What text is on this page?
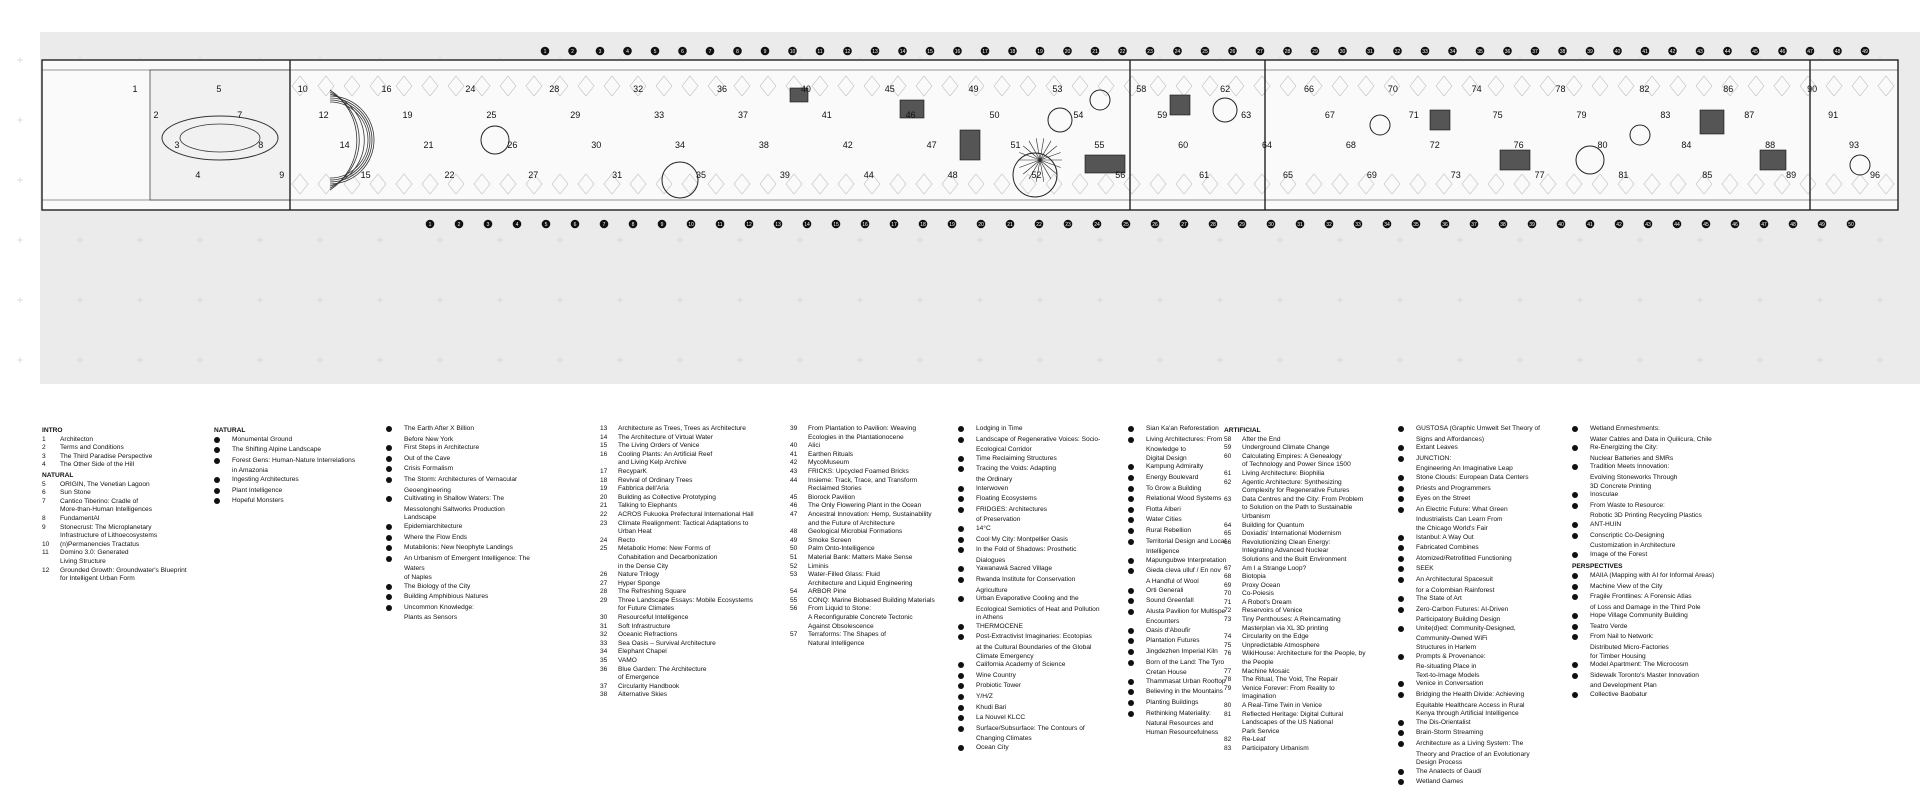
1
2
3
4
5
7
8
9
10
12
14
15
16
19
21
22
24
25
26
27
28
29
30
31
32
33
34
35
36
37
38
39
40
41
42
44
45
46
47
48
49
50
51
52
53
54
55
56
58
59
60
61
62
63
64
65
66
67
68
69
70
71
72
73
74
75
76
77
78
79
80
81
82
83
84
85
86
87
88
89
90
91
93
96
1	2	3	4	5	6	7	8	9	10	11	12	13	14	15	16	17	18	19	20	21	22	23	24	25	26	27	28	29	30	31	32	33	34	35	36	37	38	39	40	41	42	43	44	45	46	47	48	49
1	2	3	4	5	6	7	8	9	10	11	12	13	14	15	16	17	18	19	20	21	22	23	24	25	26	27	28	29	30	31	32	33	34	35	36	37	38	39	40	41	42	43	44	45	46	47	48	49	50
INTRO
1	Architecton
2	Terms and Conditions
3	The Third Paradise Perspective
4	The Other Side of the Hill
NATURAL
5	ORIGIN, The Venetian Lagoon
6	Sun Stone
7	Cantico Tiberino: Cradle of
More-than-Human Intelligences
8	FundamentAI
9	Stonecrust: The Microplanetary
Infrastructure of Lithoecosystems
10	(n)Permanencies Tractatus
11	Domino 3.0: Generated
Living Structure
12	Grounded Growth: Groundwater's Blueprint
for Intelligent Urban Form
NATURAL
Monumental Ground
The Shifting Alpine Landscape
Forest Gens: Human-Nature Interrelations
in Amazonia
Ingesting Architectures
Plant Intelligence
Hopeful Monsters
The Earth After X Billion
Before New York
First Steps in Architecture
Out of the Cave
Crisis Formalism
The Storm: Architectures of Vernacular
Geoengineering
Cultivating in Shallow Waters: The
Messolonghi Saltworks Production
Landscape
Epidemiarchitecture
Where the Flow Ends
Mutabilonis: New Neophyte Landings
An Urbanism of Emergent Intelligence: The
Waters
of Naples
The Biology of the City
Building Amphibious Natures
Uncommon Knowledge:
Plants as Sensors
13	Architecture as Trees, Trees as Architecture
14	The Architecture of Virtual Water
15	The Living Orders of Venice
16	Cooling Plants: An Artificial Reef
and Living Kelp Archive
17	RecyparK
18	Revival of Ordinary Trees
19	Fabbrica dell'Aria
20	Building as Collective Prototyping
21	Talking to Elephants
22	ACROS Fukuoka Prefectural International Hall
23	Climate Realignment: Tactical Adaptations to
Urban Heat
24	Recto
25	Metabolic Home: New Forms of
Cohabitation and Decarbonization
in the Dense City
26	Nature Trilogy
27	Hyper Sponge
28	The Refreshing Square
29	Three Landscape Essays: Mobile Ecosystems
for Future Climates
30	Resourceful Intelligence
31	Soft Infrastructure
32	Oceanic Refractions
33	Sea Oasis – Survival Architecture
34	Elephant Chapel
35	VAMO
36	Blue Garden: The Architecture
of Emergence
37	Circularity Handbook
38	Alternative Skies
39	From Plantation to Pavilion: Weaving
Ecologies in the Plantationocene
40	Alici
41	Earthen Rituals
42	MycoMuseum
43	FRICKS: Upcycled Foamed Bricks
44	Insieme: Track, Trace, and Transform
Reclaimed Stories
45	Biorock Pavilion
46	The Only Flowering Plant in the Ocean
47	Ancestral Innovation: Hemp, Sustainability
and the Future of Architecture
48	Geological Microbial Formations
49	Smoke Screen
50	Palm Onto-Intelligence
51	Material Bank: Matters Make Sense
52	Liminis
53	Water-Filled Glass: Fluid
Architecture and Liquid Engineering
54	ARBOR Pine
55	CONQ: Marine Biobased Building Materials
56	From Liquid to Stone:
A Reconfigurable Concrete Tectonic
Against Obsolescence
57	Terraforms: The Shapes of
Natural Intelligence
Lodging in Time
Landscape of Regenerative Voices: Socio-
Ecological Corridor
Time Reclaiming Structures
Tracing the Voids: Adapting
the Ordinary
Interwoven
Floating Ecosystems
FRIDGES: Architectures
of Preservation
14°C
Cool My City: Montpellier Oasis
In the Fold of Shadows: Prosthetic
Dialogues
Yawanawá Sacred Village
Rwanda Institute for Conservation
Agriculture
Urban Evaporative Cooling and the
Ecological Semiotics of Heat and Pollution
in Athens
THERMOCENE
Post-Extractivist Imaginaries: Ecotopias
at the Cultural Boundaries of the Global
Climate Emergency
California Academy of Science
Wine Country
Probiotic Tower
Y/H/Z
Khudi Bari
La Nouvel KLCC
Surface/Subsurface: The Contours of
Changing Climates
Ocean City
Sian Ka'an Reforestation
Living Architectures: From
Knowledge to
Digital Design
Kampung Admiralty
Energy Boulevard
To Grow a Building
Relational Wood Systems
Flotta Alberi
Water Cities
Rural Rebellion
Territorial Design and Local
Intelligence
Mapungubwe Interpretation
Gieda cleva ulluf / En nov
A Handful of Wool
Orti Generali
Sound Greenfall
Alusta Pavilion for Multispe
Encounters
Oasis d'Aboufir
Plantation Futures
Jingdezhen Imperial Kiln
Born of the Land: The Tyro
Cretan House
Thammasat Urban Rooftop
Believing in the Mountains
Planting Buildings
Rethinking Materiality:
Natural Resources and
Human Resourcefulness
ARTIFICIAL
58	After the End
59	Underground Climate Change
60	Calculating Empires: A Genealogy
of Technology and Power Since 1500
61	Living Architecture: Biophilia
62	Agentic Architecture: Synthesizing
Complexity for Regenerative Futures
63	Data Centres and the City: From Problem
to Solution on the Path to Sustainable
Urbanism
64	Building for Quantum
65	Doxiadis' International Modernism
66	Revolutionizing Clean Energy:
Integrating Advanced Nuclear
Solutions and the Built Environment
67	Am I a Strange Loop?
68	Biotopia
69	Proxy Ocean
70	Co-Poiesis
71	A Robot's Dream
72	Reservoirs of Venice
73	Tiny Penthouses: A Reincarnating
Masterplan via XL 3D printing
74	Circularity on the Edge
75	Unpredictable Atmosphere
76	WikiHouse: Architecture for the People, by
the People
77	Machine Mosaic
78	The Ritual, The Void, The Repair
79	Venice Forever: From Reality to
Imagination
80	A Real-Time Twin in Venice
81	Reflected Heritage: Digital Cultural
Landscapes of the US National
Park Service
82	Re-Leaf
83	Participatory Urbanism
GUSTOSA (Graphic Umwelt Set Theory of
Signs and Affordances)
Extant Leaves
JUNCTION:
Engineering An Imaginative Leap
Stone Clouds: European Data Centers
Priests and Programmers
Eyes on the Street
An Electric Future: What Green
Industrialists Can Learn From
the Chicago World's Fair
Istanbul: A Way Out
Fabricated Combines
Atomized/Retrofitted Functioning
SEEK
An Architectural Spacesuit
for a Colombian Rainforest
The State of Art
Zero-Carbon Futures: AI-Driven
Participatory Building Design
Unite(d)ed: Community-Designed,
Community-Owned WiFi
Structures in Harlem
Prompts & Provenance:
Re-situating Place in
Text-to-Image Models
Venice in Conversation
Bridging the Health Divide: Achieving
Equitable Healthcare Access in Rural
Kenya through Artificial Intelligence
The Dis-Orientalist
Brain-Storm Streaming
Architecture as a Living System: The
Theory and Practice of an Evolutionary
Design Process
The Anatects of Gaudí
Wetland Games
Wetland Enmeshments:
Water Cables and Data in Quilicura, Chile
Re-Energizing the City:
Nuclear Batteries and SMRs
Tradition Meets Innovation:
Evolving Stoneworks Through
3D Concrete Printing
Inosculae
From Waste to Resource:
Robotic 3D Printing Recycling Plastics
ANT-HUIN
Conscriptic Co-Designing
Customization in Architecture
Image of the Forest
PERSPECTIVES
MAIIA (Mapping with AI for Informal Areas)
Machine View of the City
Fragile Frontlines: A Forensic Atlas
of Loss and Damage in the Third Pole
Hope Village Community Building
Teatro Verde
From Nail to Network:
Distributed Micro-Factories
for Timber Housing
Model Apartment: The Microcosm
Sidewalk Toronto's Master Innovation
and Development Plan
Collective Baobatur
